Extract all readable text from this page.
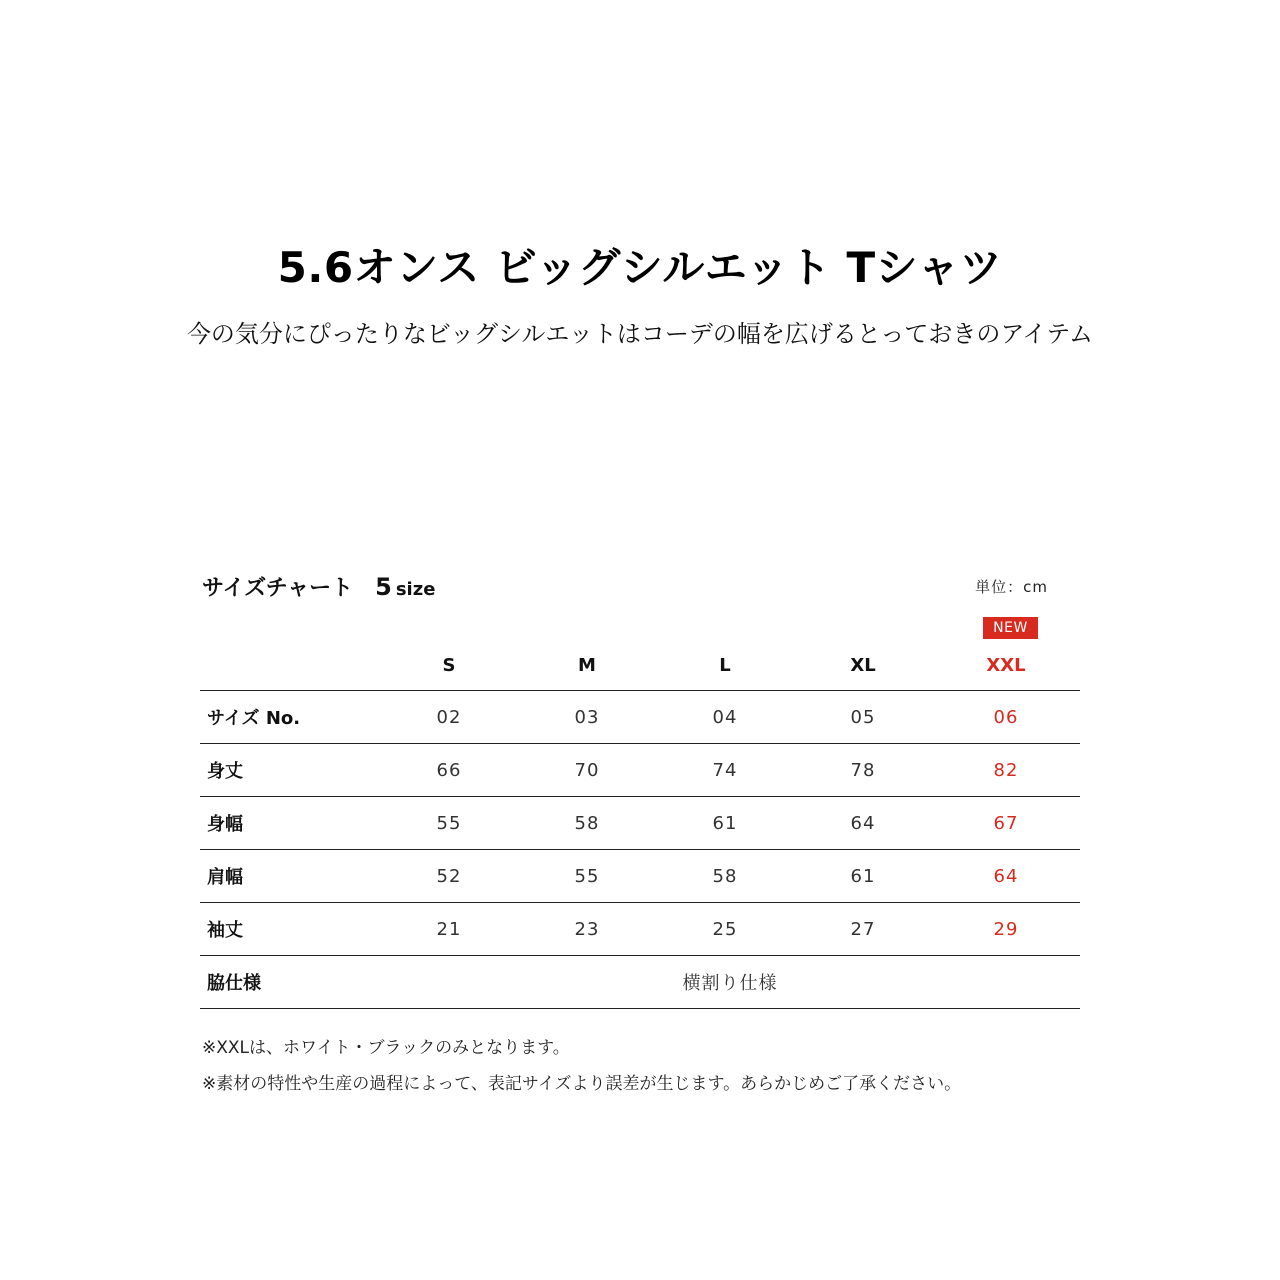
5.6オンス ビッグシルエット Tシャツ
今の気分にぴったりなビッグシルエットはコーデの幅を広げるとっておきのアイテム
サイズチャート 5 size	単位：cm
NEW
	S	M	L	XL	XXL
サイズ No.	02	03	04	05	06
身丈	66	70	74	78	82
身幅	55	58	61	64	67
肩幅	52	55	58	61	64
袖丈	21	23	25	27	29
脇仕様	横割り仕様				
※XXLは、ホワイト・ブラックのみとなります。
※素材の特性や生産の過程によって、表記サイズより誤差が生じます。あらかじめご了承ください。
